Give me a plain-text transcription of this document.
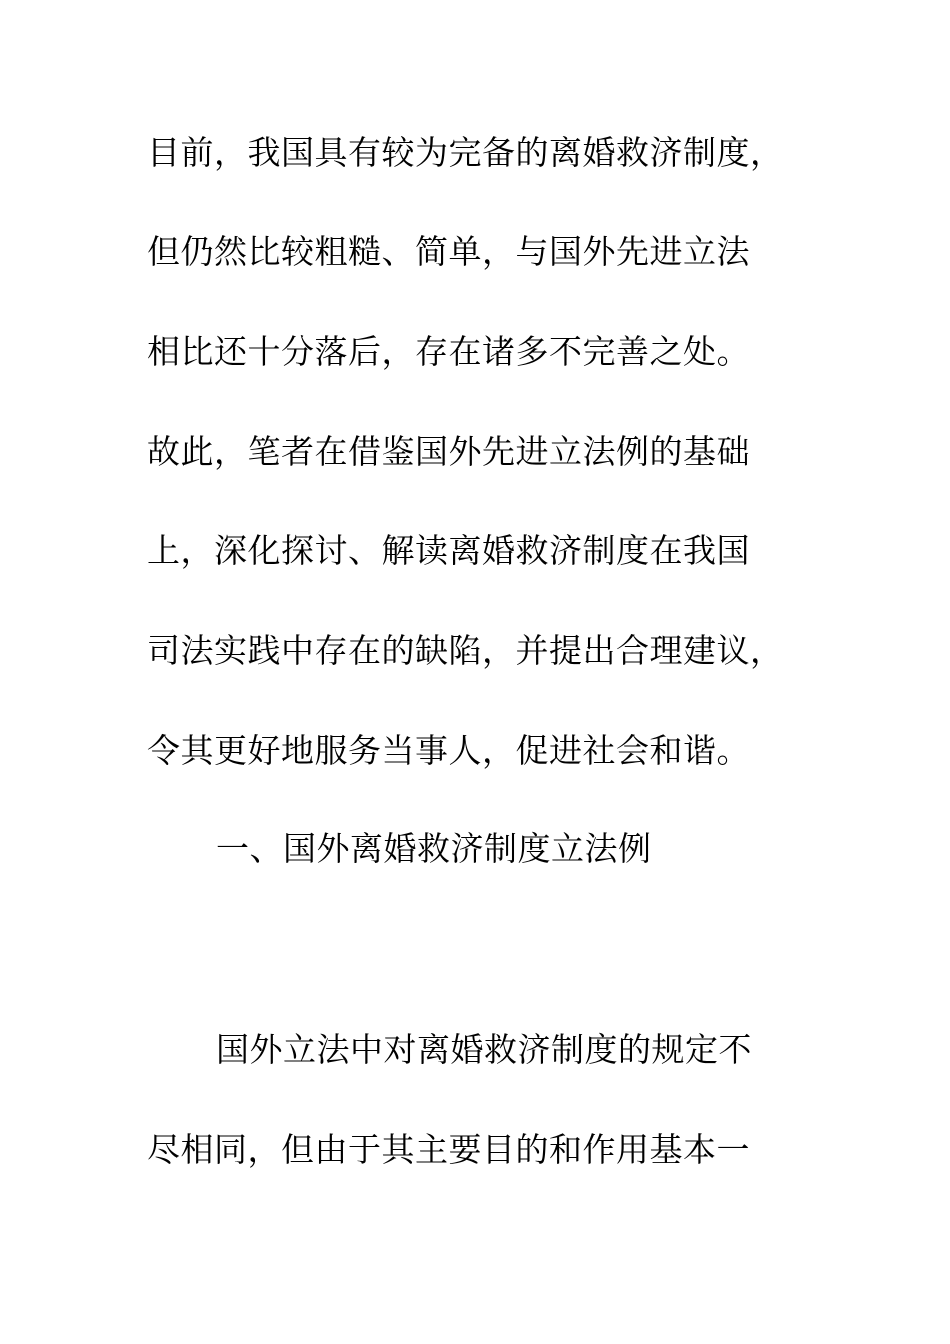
目前，我国具有较为完备的离婚救济制度，
但仍然比较粗糙、简单，与国外先进立法
相比还十分落后，存在诸多不完善之处。
故此，笔者在借鉴国外先进立法例的基础
上，深化探讨、解读离婚救济制度在我国
司法实践中存在的缺陷，并提出合理建议，
令其更好地服务当事人，促进社会和谐。
一、国外离婚救济制度立法例
国外立法中对离婚救济制度的规定不
尽相同，但由于其主要目的和作用基本一
